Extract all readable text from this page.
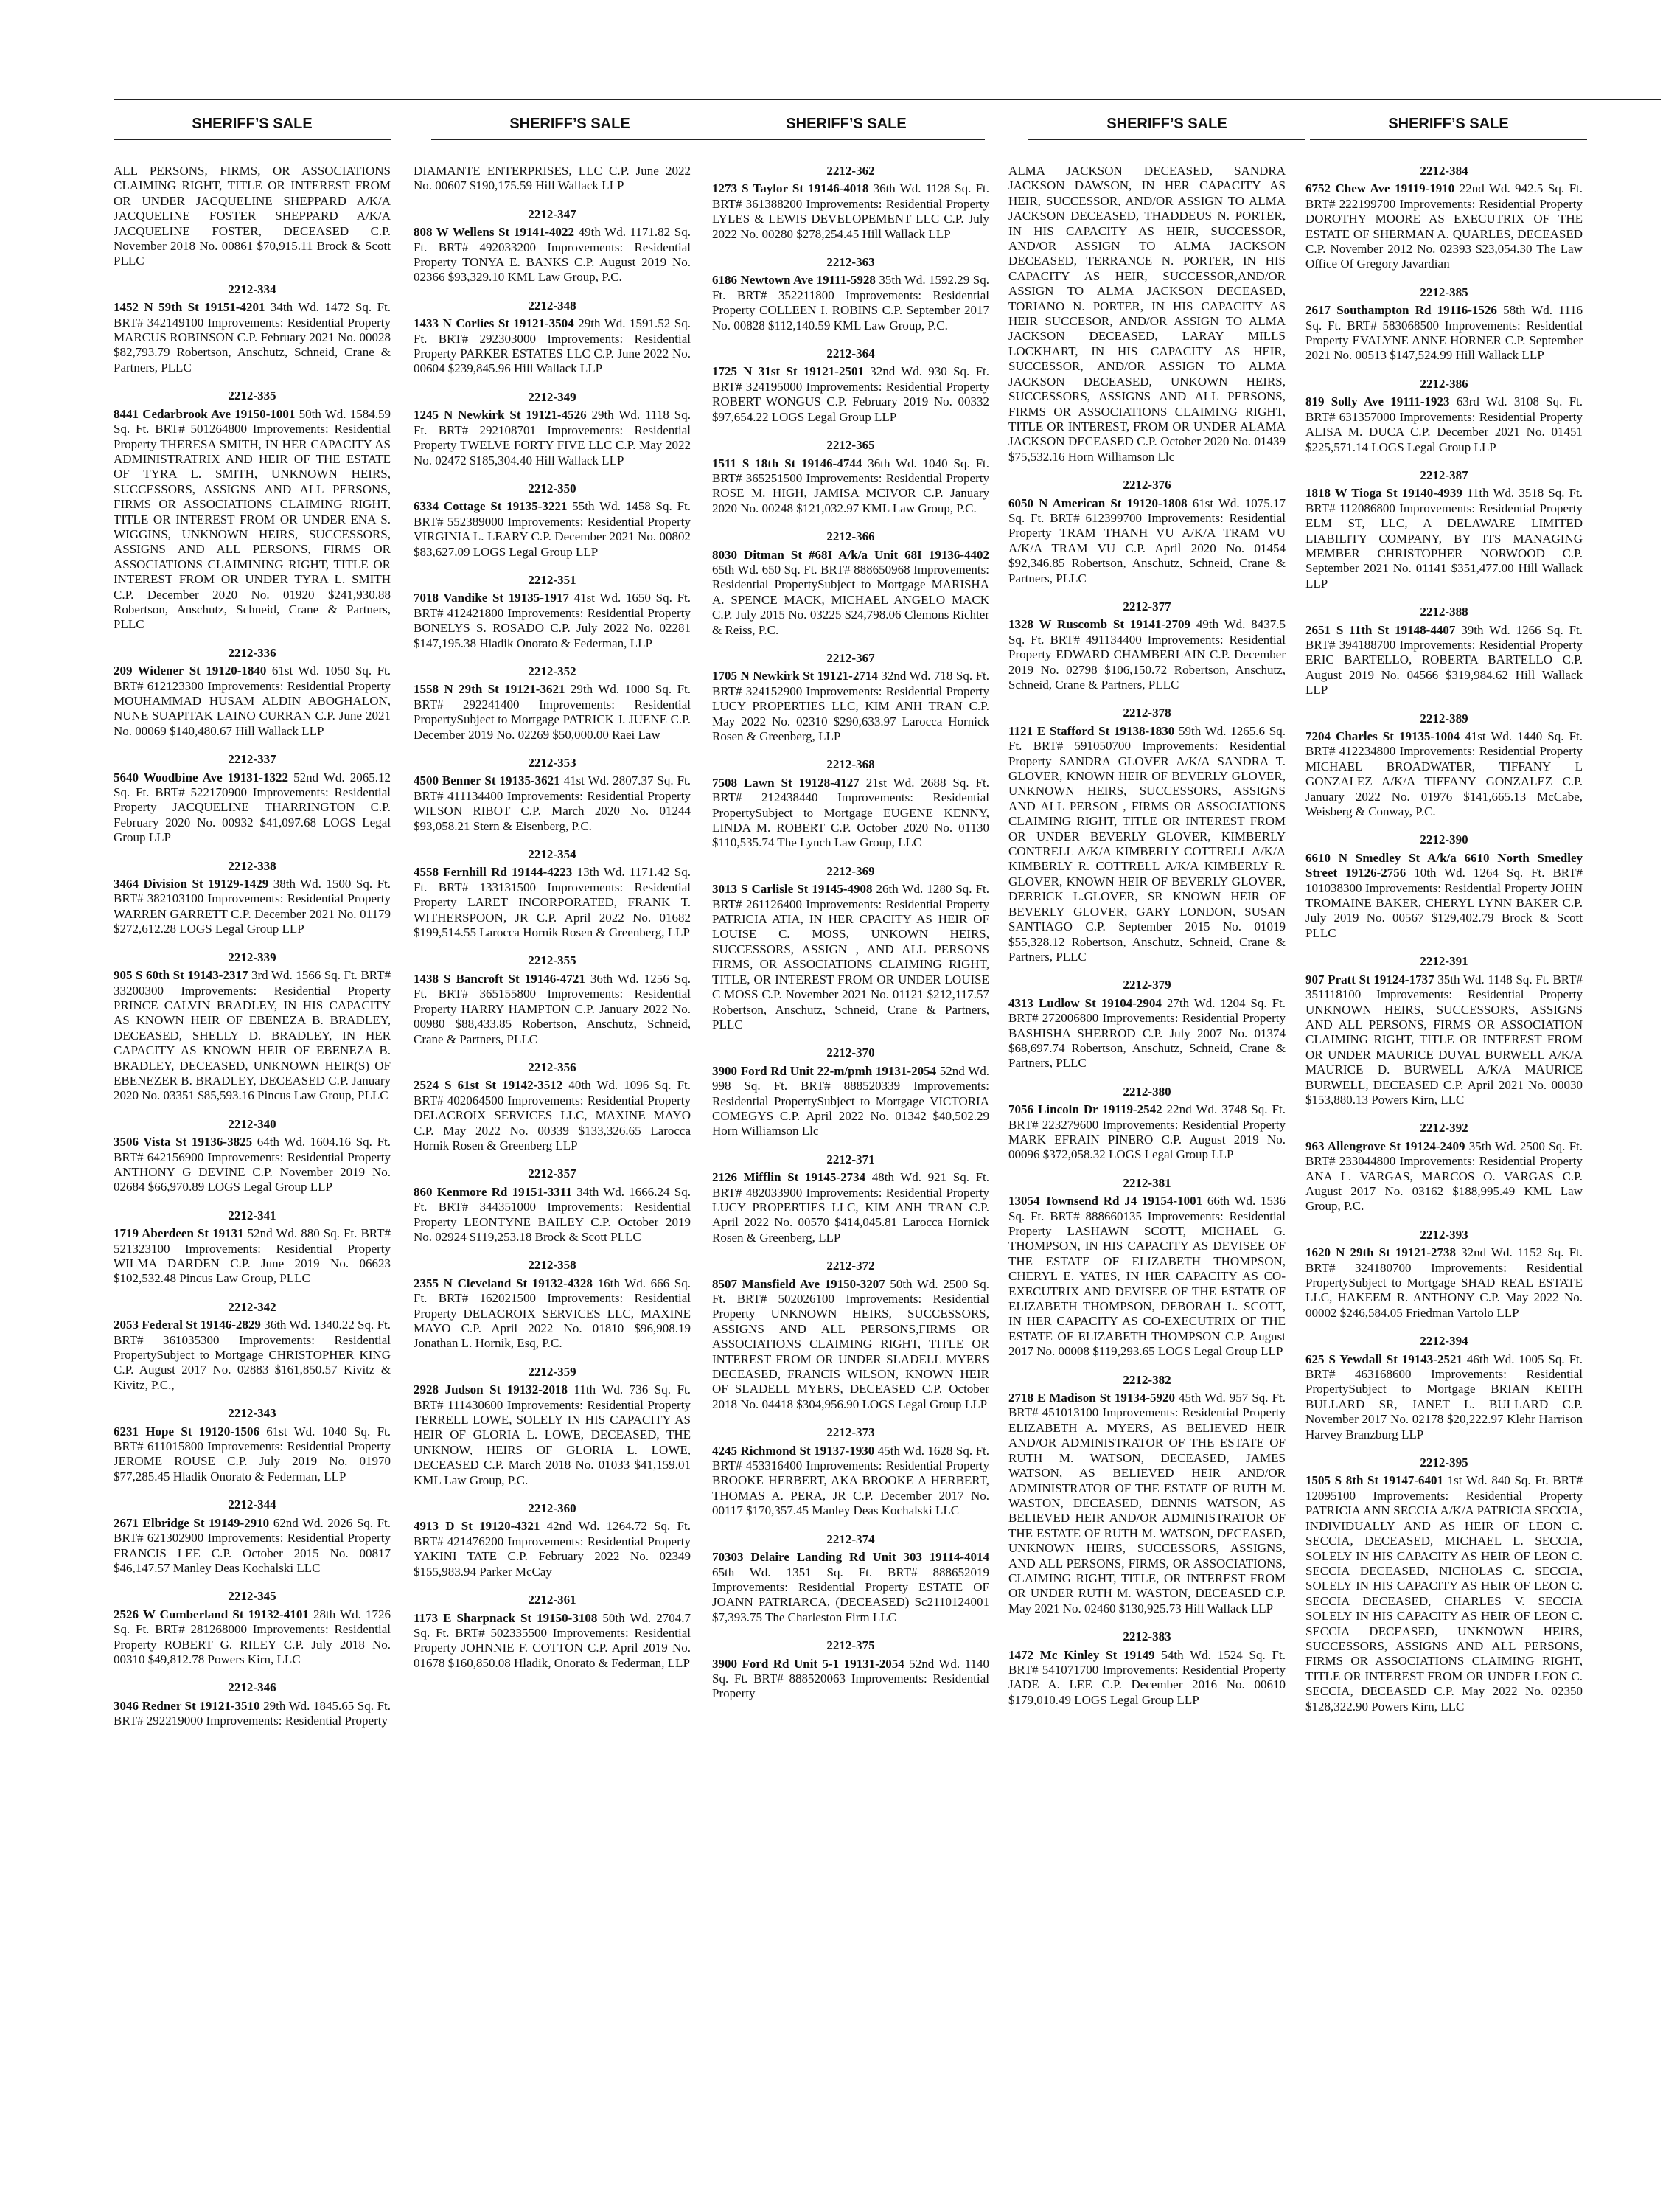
SHERIFF’S SALE	SHERIFF’S SALE	SHERIFF’S SALE	SHERIFF’S SALE	SHERIFF’S SALE
ALL PERSONS, FIRMS, OR ASSOCIATIONS CLAIMING RIGHT, TITLE OR INTEREST FROM OR UNDER JACQUELINE SHEPPARD A/K/A JACQUELINE FOSTER SHEPPARD A/K/A JACQUELINE FOSTER, DECEASED C.P. November 2018 No. 00861 $70,915.11 Brock & Scott PLLC
2212-334
1452 N 59th St 19151-4201 34th Wd. 1472 Sq. Ft. BRT# 342149100 Improvements: Residential Property MARCUS ROBINSON C.P. February 2021 No. 00028 $82,793.79 Robertson, Anschutz, Schneid, Crane & Partners, PLLC
2212-335
8441 Cedarbrook Ave 19150-1001 50th Wd. 1584.59 Sq. Ft. BRT# 501264800 Improvements: Residential Property THERESA SMITH, IN HER CAPACITY AS ADMINISTRATRIX AND HEIR OF THE ESTATE OF TYRA L. SMITH, UNKNOWN HEIRS, SUCCESSORS, ASSIGNS AND ALL PERSONS, FIRMS OR ASSOCIATIONS CLAIMING RIGHT, TITLE OR INTEREST FROM OR UNDER ENA S. WIGGINS, UNKNOWN HEIRS, SUCCESSORS, ASSIGNS AND ALL PERSONS, FIRMS OR ASSOCIATIONS CLAIMINING RIGHT, TITLE OR INTEREST FROM OR UNDER TYRA L. SMITH C.P. December 2020 No. 01920 $241,930.88 Robertson, Anschutz, Schneid, Crane & Partners, PLLC
2212-336
209 Widener St 19120-1840 61st Wd. 1050 Sq. Ft. BRT# 612123300 Improvements: Residential Property MOUHAMMAD HUSAM ALDIN ABOGHALON, NUNE SUAPITAK LAINO CURRAN C.P. June 2021 No. 00069 $140,480.67 Hill Wallack LLP
2212-337
5640 Woodbine Ave 19131-1322 52nd Wd. 2065.12 Sq. Ft. BRT# 522170900 Improvements: Residential Property JACQUELINE THARRINGTON C.P. February 2020 No. 00932 $41,097.68 LOGS Legal Group LLP
2212-338
3464 Division St 19129-1429 38th Wd. 1500 Sq. Ft. BRT# 382103100 Improvements: Residential Property WARREN GARRETT C.P. December 2021 No. 01179 $272,612.28 LOGS Legal Group LLP
2212-339
905 S 60th St 19143-2317 3rd Wd. 1566 Sq. Ft. BRT# 33200300 Improvements: Residential Property PRINCE CALVIN BRADLEY, IN HIS CAPACITY AS KNOWN HEIR OF EBENEZA B. BRADLEY, DECEASED, SHELLY D. BRADLEY, IN HER CAPACITY AS KNOWN HEIR OF EBENEZA B. BRADLEY, DECEASED, UNKNOWN HEIR(S) OF EBENEZER B. BRADLEY, DECEASED C.P. January 2020 No. 03351 $85,593.16 Pincus Law Group, PLLC
2212-340
3506 Vista St 19136-3825 64th Wd. 1604.16 Sq. Ft. BRT# 642156900 Improvements: Residential Property ANTHONY G DEVINE C.P. November 2019 No. 02684 $66,970.89 LOGS Legal Group LLP
2212-341
1719 Aberdeen St 19131 52nd Wd. 880 Sq. Ft. BRT# 521323100 Improvements: Residential Property WILMA DARDEN C.P. June 2019 No. 06623 $102,532.48 Pincus Law Group, PLLC
2212-342
2053 Federal St 19146-2829 36th Wd. 1340.22 Sq. Ft. BRT# 361035300 Improvements: Residential PropertySubject to Mortgage CHRISTOPHER KING C.P. August 2017 No. 02883 $161,850.57 Kivitz & Kivitz, P.C.,
2212-343
6231 Hope St 19120-1506 61st Wd. 1040 Sq. Ft. BRT# 611015800 Improvements: Residential Property JEROME ROUSE C.P. July 2019 No. 01970 $77,285.45 Hladik Onorato & Federman, LLP
2212-344
2671 Elbridge St 19149-2910 62nd Wd. 2026 Sq. Ft. BRT# 621302900 Improvements: Residential Property FRANCIS LEE C.P. October 2015 No. 00817 $46,147.57 Manley Deas Kochalski LLC
2212-345
2526 W Cumberland St 19132-4101 28th Wd. 1726 Sq. Ft. BRT# 281268000 Improvements: Residential Property ROBERT G. RILEY C.P. July 2018 No. 00310 $49,812.78 Powers Kirn, LLC
2212-346
3046 Redner St 19121-3510 29th Wd. 1845.65 Sq. Ft. BRT# 292219000 Improvements: Residential Property
DIAMANTE ENTERPRISES, LLC C.P. June 2022 No. 00607 $190,175.59 Hill Wallack LLP
2212-347
808 W Wellens St 19141-4022 49th Wd. 1171.82 Sq. Ft. BRT# 492033200 Improvements: Residential Property TONYA E. BANKS C.P. August 2019 No. 02366 $93,329.10 KML Law Group, P.C.
2212-348
1433 N Corlies St 19121-3504 29th Wd. 1591.52 Sq. Ft. BRT# 292303000 Improvements: Residential Property PARKER ESTATES LLC C.P. June 2022 No. 00604 $239,845.96 Hill Wallack LLP
2212-349
1245 N Newkirk St 19121-4526 29th Wd. 1118 Sq. Ft. BRT# 292108701 Improvements: Residential Property TWELVE FORTY FIVE LLC C.P. May 2022 No. 02472 $185,304.40 Hill Wallack LLP
2212-350
6334 Cottage St 19135-3221 55th Wd. 1458 Sq. Ft. BRT# 552389000 Improvements: Residential Property VIRGINIA L. LEARY C.P. December 2021 No. 00802 $83,627.09 LOGS Legal Group LLP
2212-351
7018 Vandike St 19135-1917 41st Wd. 1650 Sq. Ft. BRT# 412421800 Improvements: Residential Property BONELYS S. ROSADO C.P. July 2022 No. 02281 $147,195.38 Hladik Onorato & Federman, LLP
2212-352
1558 N 29th St 19121-3621 29th Wd. 1000 Sq. Ft. BRT# 292241400 Improvements: Residential PropertySubject to Mortgage PATRICK J. JUENE C.P. December 2019 No. 02269 $50,000.00 Raei Law
2212-353
4500 Benner St 19135-3621 41st Wd. 2807.37 Sq. Ft. BRT# 411134400 Improvements: Residential Property WILSON RIBOT C.P. March 2020 No. 01244 $93,058.21 Stern & Eisenberg, P.C.
2212-354
4558 Fernhill Rd 19144-4223 13th Wd. 1171.42 Sq. Ft. BRT# 133131500 Improvements: Residential Property LARET INCORPORATED, FRANK T. WITHERSPOON, JR C.P. April 2022 No. 01682 $199,514.55 Larocca Hornik Rosen & Greenberg, LLP
2212-355
1438 S Bancroft St 19146-4721 36th Wd. 1256 Sq. Ft. BRT# 365155800 Improvements: Residential Property HARRY HAMPTON C.P. January 2022 No. 00980 $88,433.85 Robertson, Anschutz, Schneid, Crane & Partners, PLLC
2212-356
2524 S 61st St 19142-3512 40th Wd. 1096 Sq. Ft. BRT# 402064500 Improvements: Residential Property DELACROIX SERVICES LLC, MAXINE MAYO C.P. May 2022 No. 00339 $133,326.65 Larocca Hornik Rosen & Greenberg LLP
2212-357
860 Kenmore Rd 19151-3311 34th Wd. 1666.24 Sq. Ft. BRT# 344351000 Improvements: Residential Property LEONTYNE BAILEY C.P. October 2019 No. 02924 $119,253.18 Brock & Scott PLLC
2212-358
2355 N Cleveland St 19132-4328 16th Wd. 666 Sq. Ft. BRT# 162021500 Improvements: Residential Property DELACROIX SERVICES LLC, MAXINE MAYO C.P. April 2022 No. 01810 $96,908.19 Jonathan L. Hornik, Esq, P.C.
2212-359
2928 Judson St 19132-2018 11th Wd. 736 Sq. Ft. BRT# 111430600 Improvements: Residential Property TERRELL LOWE, SOLELY IN HIS CAPACITY AS HEIR OF GLORIA L. LOWE, DECEASED, THE UNKNOW, HEIRS OF GLORIA L. LOWE, DECEASED C.P. March 2018 No. 01033 $41,159.01 KML Law Group, P.C.
2212-360
4913 D St 19120-4321 42nd Wd. 1264.72 Sq. Ft. BRT# 421476200 Improvements: Residential Property YAKINI TATE C.P. February 2022 No. 02349 $155,983.94 Parker McCay
2212-361
1173 E Sharpnack St 19150-3108 50th Wd. 2704.7 Sq. Ft. BRT# 502335500 Improvements: Residential Property JOHNNIE F. COTTON C.P. April 2019 No. 01678 $160,850.08 Hladik, Onorato & Federman, LLP
2212-362
1273 S Taylor St 19146-4018 36th Wd. 1128 Sq. Ft. BRT# 361388200 Improvements: Residential Property LYLES & LEWIS DEVELOPEMENT LLC C.P. July 2022 No. 00280 $278,254.45 Hill Wallack LLP
2212-363
6186 Newtown Ave 19111-5928 35th Wd. 1592.29 Sq. Ft. BRT# 352211800 Improvements: Residential Property COLLEEN I. ROBINS C.P. September 2017 No. 00828 $112,140.59 KML Law Group, P.C.
2212-364
1725 N 31st St 19121-2501 32nd Wd. 930 Sq. Ft. BRT# 324195000 Improvements: Residential Property ROBERT WONGUS C.P. February 2019 No. 00332 $97,654.22 LOGS Legal Group LLP
2212-365
1511 S 18th St 19146-4744 36th Wd. 1040 Sq. Ft. BRT# 365251500 Improvements: Residential Property ROSE M. HIGH, JAMISA MCIVOR C.P. January 2020 No. 00248 $121,032.97 KML Law Group, P.C.
2212-366
8030 Ditman St #68I A/k/a Unit 68I 19136-4402 65th Wd. 650 Sq. Ft. BRT# 888650968 Improvements: Residential PropertySubject to Mortgage MARISHA A. SPENCE MACK, MICHAEL ANGELO MACK C.P. July 2015 No. 03225 $24,798.06 Clemons Richter & Reiss, P.C.
2212-367
1705 N Newkirk St 19121-2714 32nd Wd. 718 Sq. Ft. BRT# 324152900 Improvements: Residential Property LUCY PROPERTIES LLC, KIM ANH TRAN C.P. May 2022 No. 02310 $290,633.97 Larocca Hornick Rosen & Greenberg, LLP
2212-368
7508 Lawn St 19128-4127 21st Wd. 2688 Sq. Ft. BRT# 212438440 Improvements: Residential PropertySubject to Mortgage EUGENE KENNY, LINDA M. ROBERT C.P. October 2020 No. 01130 $110,535.74 The Lynch Law Group, LLC
2212-369
3013 S Carlisle St 19145-4908 26th Wd. 1280 Sq. Ft. BRT# 261126400 Improvements: Residential Property PATRICIA ATIA, IN HER CPACITY AS HEIR OF LOUISE C. MOSS, UNKOWN HEIRS, SUCCESSORS, ASSIGN , AND ALL PERSONS FIRMS, OR ASSOCIATIONS CLAIMING RIGHT, TITLE, OR INTEREST FROM OR UNDER LOUISE C MOSS C.P. November 2021 No. 01121 $212,117.57 Robertson, Anschutz, Schneid, Crane & Partners, PLLC
2212-370
3900 Ford Rd Unit 22-m/pmh 19131-2054 52nd Wd. 998 Sq. Ft. BRT# 888520339 Improvements: Residential PropertySubject to Mortgage VICTORIA COMEGYS C.P. April 2022 No. 01342 $40,502.29 Horn Williamson Llc
2212-371
2126 Mifflin St 19145-2734 48th Wd. 921 Sq. Ft. BRT# 482033900 Improvements: Residential Property LUCY PROPERTIES LLC, KIM ANH TRAN C.P. April 2022 No. 00570 $414,045.81 Larocca Hornick Rosen & Greenberg, LLP
2212-372
8507 Mansfield Ave 19150-3207 50th Wd. 2500 Sq. Ft. BRT# 502026100 Improvements: Residential Property UNKNOWN HEIRS, SUCCESSORS, ASSIGNS AND ALL PERSONS,FIRMS OR ASSOCIATIONS CLAIMING RIGHT, TITLE OR INTEREST FROM OR UNDER SLADELL MYERS DECEASED, FRANCIS WILSON, KNOWN HEIR OF SLADELL MYERS, DECEASED C.P. October 2018 No. 04418 $304,956.90 LOGS Legal Group LLP
2212-373
4245 Richmond St 19137-1930 45th Wd. 1628 Sq. Ft. BRT# 453316400 Improvements: Residential Property BROOKE HERBERT, AKA BROOKE A HERBERT, THOMAS A. PERA, JR C.P. December 2017 No. 00117 $170,357.45 Manley Deas Kochalski LLC
2212-374
70303 Delaire Landing Rd Unit 303 19114-4014 65th Wd. 1351 Sq. Ft. BRT# 888652019 Improvements: Residential Property ESTATE OF JOANN PATRIARCA, (DECEASED) Sc2110124001 $7,393.75 The Charleston Firm LLC
2212-375
3900 Ford Rd Unit 5-1 19131-2054 52nd Wd. 1140 Sq. Ft. BRT# 888520063 Improvements: Residential Property
ALMA JACKSON DECEASED, SANDRA JACKSON DAWSON, IN HER CAPACITY AS HEIR, SUCCESSOR, AND/OR ASSIGN TO ALMA JACKSON DECEASED, THADDEUS N. PORTER, IN HIS CAPACITY AS HEIR, SUCCESSOR, AND/OR ASSIGN TO ALMA JACKSON DECEASED, TERRANCE N. PORTER, IN HIS CAPACITY AS HEIR, SUCCESSOR,AND/OR ASSIGN TO ALMA JACKSON DECEASED, TORIANO N. PORTER, IN HIS CAPACITY AS HEIR SUCCESOR, AND/OR ASSIGN TO ALMA JACKSON DECEASED, LARAY MILLS LOCKHART, IN HIS CAPACITY AS HEIR, SUCCESSOR, AND/OR ASSIGN TO ALMA JACKSON DECEASED, UNKOWN HEIRS, SUCCESSORS, ASSIGNS AND ALL PERSONS, FIRMS OR ASSOCIATIONS CLAIMING RIGHT, TITLE OR INTEREST, FROM OR UNDER ALAMA JACKSON DECEASED C.P. October 2020 No. 01439 $75,532.16 Horn Williamson Llc
2212-376
6050 N American St 19120-1808 61st Wd. 1075.17 Sq. Ft. BRT# 612399700 Improvements: Residential Property TRAM THANH VU A/K/A TRAM VU A/K/A TRAM VU C.P. April 2020 No. 01454 $92,346.85 Robertson, Anschutz, Schneid, Crane & Partners, PLLC
2212-377
1328 W Ruscomb St 19141-2709 49th Wd. 8437.5 Sq. Ft. BRT# 491134400 Improvements: Residential Property EDWARD CHAMBERLAIN C.P. December 2019 No. 02798 $106,150.72 Robertson, Anschutz, Schneid, Crane & Partners, PLLC
2212-378
1121 E Stafford St 19138-1830 59th Wd. 1265.6 Sq. Ft. BRT# 591050700 Improvements: Residential Property SANDRA GLOVER A/K/A SANDRA T. GLOVER, KNOWN HEIR OF BEVERLY GLOVER, UNKNOWN HEIRS, SUCCESSORS, ASSIGNS AND ALL PERSON , FIRMS OR ASSOCIATIONS CLAIMING RIGHT, TITLE OR INTEREST FROM OR UNDER BEVERLY GLOVER, KIMBERLY CONTRELL A/K/A KIMBERLY COTTRELL A/K/A KIMBERLY R. COTTRELL A/K/A KIMBERLY R. GLOVER, KNOWN HEIR OF BEVERLY GLOVER, DERRICK L.GLOVER, SR KNOWN HEIR OF BEVERLY GLOVER, GARY LONDON, SUSAN SANTIAGO C.P. September 2015 No. 01019 $55,328.12 Robertson, Anschutz, Schneid, Crane & Partners, PLLC
2212-379
4313 Ludlow St 19104-2904 27th Wd. 1204 Sq. Ft. BRT# 272006800 Improvements: Residential Property BASHISHA SHERROD C.P. July 2007 No. 01374 $68,697.74 Robertson, Anschutz, Schneid, Crane & Partners, PLLC
2212-380
7056 Lincoln Dr 19119-2542 22nd Wd. 3748 Sq. Ft. BRT# 223279600 Improvements: Residential Property MARK EFRAIN PINERO C.P. August 2019 No. 00096 $372,058.32 LOGS Legal Group LLP
2212-381
13054 Townsend Rd J4 19154-1001 66th Wd. 1536 Sq. Ft. BRT# 888660135 Improvements: Residential Property LASHAWN SCOTT, MICHAEL G. THOMPSON, IN HIS CAPACITY AS DEVISEE OF THE ESTATE OF ELIZABETH THOMPSON, CHERYL E. YATES, IN HER CAPACITY AS CO-EXECUTRIX AND DEVISEE OF THE ESTATE OF ELIZABETH THOMPSON, DEBORAH L. SCOTT, IN HER CAPACITY AS CO-EXECUTRIX OF THE ESTATE OF ELIZABETH THOMPSON C.P. August 2017 No. 00008 $119,293.65 LOGS Legal Group LLP
2212-382
2718 E Madison St 19134-5920 45th Wd. 957 Sq. Ft. BRT# 451013100 Improvements: Residential Property ELIZABETH A. MYERS, AS BELIEVED HEIR AND/OR ADMINISTRATOR OF THE ESTATE OF RUTH M. WATSON, DECEASED, JAMES WATSON, AS BELIEVED HEIR AND/OR ADMINISTRATOR OF THE ESTATE OF RUTH M. WASTON, DECEASED, DENNIS WATSON, AS BELIEVED HEIR AND/OR ADMINISTRATOR OF THE ESTATE OF RUTH M. WATSON, DECEASED, UNKNOWN HEIRS, SUCCESSORS, ASSIGNS, AND ALL PERSONS, FIRMS, OR ASSOCIATIONS, CLAIMING RIGHT, TITLE, OR INTEREST FROM OR UNDER RUTH M. WASTON, DECEASED C.P. May 2021 No. 02460 $130,925.73 Hill Wallack LLP
2212-383
1472 Mc Kinley St 19149 54th Wd. 1524 Sq. Ft. BRT# 541071700 Improvements: Residential Property JADE A. LEE C.P. December 2016 No. 00610 $179,010.49 LOGS Legal Group LLP
2212-384
6752 Chew Ave 19119-1910 22nd Wd. 942.5 Sq. Ft. BRT# 222199700 Improvements: Residential Property DOROTHY MOORE AS EXECUTRIX OF THE ESTATE OF SHERMAN A. QUARLES, DECEASED C.P. November 2012 No. 02393 $23,054.30 The Law Office Of Gregory Javardian
2212-385
2617 Southampton Rd 19116-1526 58th Wd. 1116 Sq. Ft. BRT# 583068500 Improvements: Residential Property EVALYNE ANNE HORNER C.P. September 2021 No. 00513 $147,524.99 Hill Wallack LLP
2212-386
819 Solly Ave 19111-1923 63rd Wd. 3108 Sq. Ft. BRT# 631357000 Improvements: Residential Property ALISA M. DUCA C.P. December 2021 No. 01451 $225,571.14 LOGS Legal Group LLP
2212-387
1818 W Tioga St 19140-4939 11th Wd. 3518 Sq. Ft. BRT# 112086800 Improvements: Residential Property ELM ST, LLC, A DELAWARE LIMITED LIABILITY COMPANY, BY ITS MANAGING MEMBER CHRISTOPHER NORWOOD C.P. September 2021 No. 01141 $351,477.00 Hill Wallack LLP
2212-388
2651 S 11th St 19148-4407 39th Wd. 1266 Sq. Ft. BRT# 394188700 Improvements: Residential Property ERIC BARTELLO, ROBERTA BARTELLO C.P. August 2019 No. 04566 $319,984.62 Hill Wallack LLP
2212-389
7204 Charles St 19135-1004 41st Wd. 1440 Sq. Ft. BRT# 412234800 Improvements: Residential Property MICHAEL BROADWATER, TIFFANY L GONZALEZ A/K/A TIFFANY GONZALEZ C.P. January 2022 No. 01976 $141,665.13 McCabe, Weisberg & Conway, P.C.
2212-390
6610 N Smedley St A/k/a 6610 North Smedley Street 19126-2756 10th Wd. 1264 Sq. Ft. BRT# 101038300 Improvements: Residential Property JOHN TROMAINE BAKER, CHERYL LYNN BAKER C.P. July 2019 No. 00567 $129,402.79 Brock & Scott PLLC
2212-391
907 Pratt St 19124-1737 35th Wd. 1148 Sq. Ft. BRT# 351118100 Improvements: Residential Property UNKNOWN HEIRS, SUCCESSORS, ASSIGNS AND ALL PERSONS, FIRMS OR ASSOCIATION CLAIMING RIGHT, TITLE OR INTEREST FROM OR UNDER MAURICE DUVAL BURWELL A/K/A MAURICE D. BURWELL A/K/A MAURICE BURWELL, DECEASED C.P. April 2021 No. 00030 $153,880.13 Powers Kirn, LLC
2212-392
963 Allengrove St 19124-2409 35th Wd. 2500 Sq. Ft. BRT# 233044800 Improvements: Residential Property ANA L. VARGAS, MARCOS O. VARGAS C.P. August 2017 No. 03162 $188,995.49 KML Law Group, P.C.
2212-393
1620 N 29th St 19121-2738 32nd Wd. 1152 Sq. Ft. BRT# 324180700 Improvements: Residential PropertySubject to Mortgage SHAD REAL ESTATE LLC, HAKEEM R. ANTHONY C.P. May 2022 No. 00002 $246,584.05 Friedman Vartolo LLP
2212-394
625 S Yewdall St 19143-2521 46th Wd. 1005 Sq. Ft. BRT# 463168600 Improvements: Residential PropertySubject to Mortgage BRIAN KEITH BULLARD SR, JANET L. BULLARD C.P. November 2017 No. 02178 $20,222.97 Klehr Harrison Harvey Branzburg LLP
2212-395
1505 S 8th St 19147-6401 1st Wd. 840 Sq. Ft. BRT# 12095100 Improvements: Residential Property PATRICIA ANN SECCIA A/K/A PATRICIA SECCIA, INDIVIDUALLY AND AS HEIR OF LEON C. SECCIA, DECEASED, MICHAEL L. SECCIA, SOLELY IN HIS CAPACITY AS HEIR OF LEON C. SECCIA DECEASED, NICHOLAS C. SECCIA, SOLELY IN HIS CAPACITY AS HEIR OF LEON C. SECCIA DECEASED, CHARLES V. SECCIA SOLELY IN HIS CAPACITY AS HEIR OF LEON C. SECCIA DECEASED, UNKNOWN HEIRS, SUCCESSORS, ASSIGNS AND ALL PERSONS, FIRMS OR ASSOCIATIONS CLAIMING RIGHT, TITLE OR INTEREST FROM OR UNDER LEON C. SECCIA, DECEASED C.P. May 2022 No. 02350 $128,322.90 Powers Kirn, LLC
